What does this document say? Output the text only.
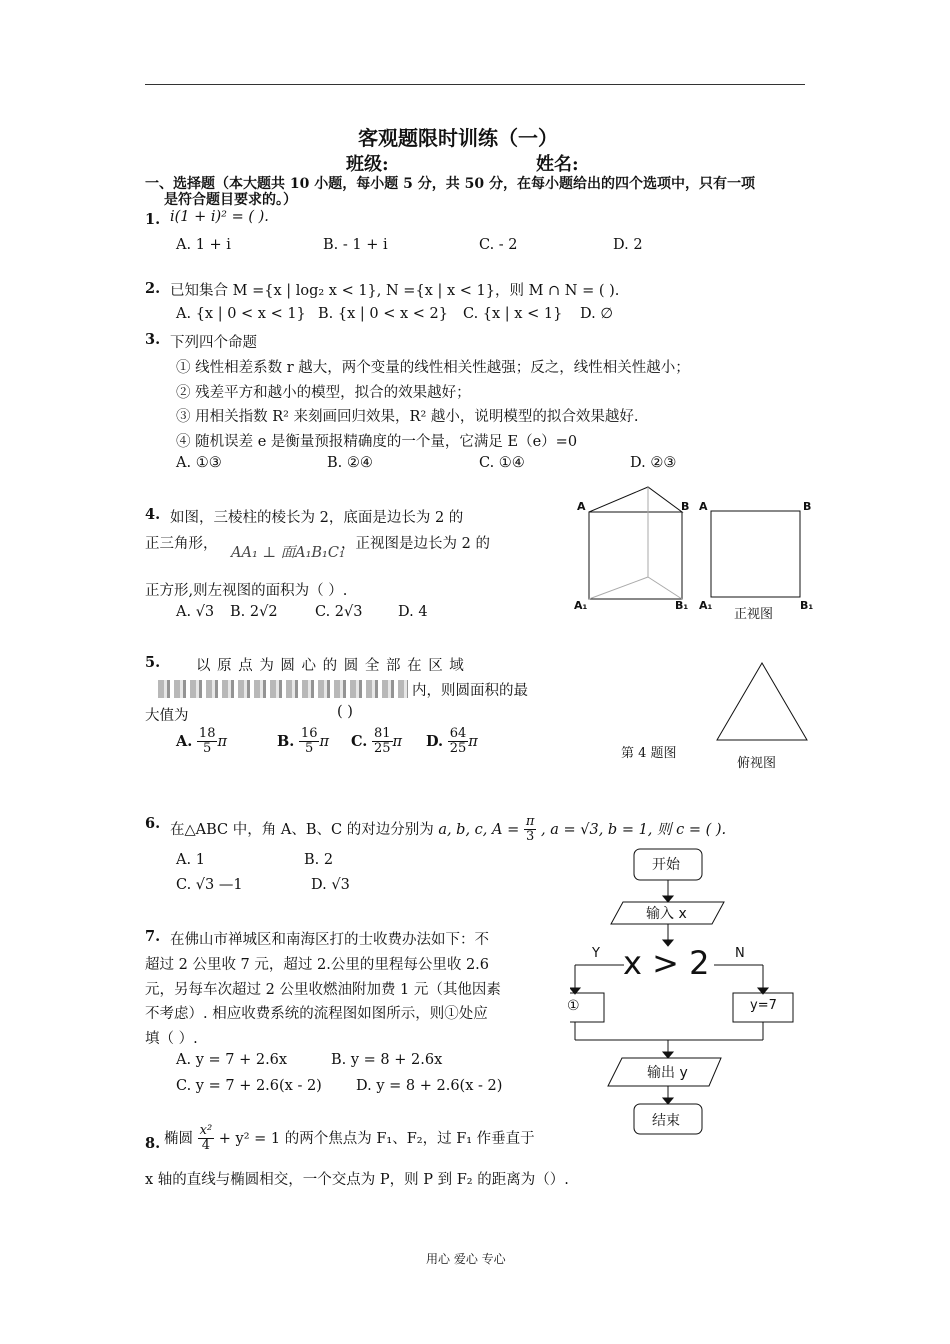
客观题限时训练（一）
班级:	姓名:
一、选择题（本大题共 10 小题，每小题 5 分，共 50 分，在每小题给出的四个选项中，只有一项
是符合题目要求的。）
1. i(1 + i)² = ( ).
A. 1 + i	B. - 1 + i	C. - 2	D. 2
2. 已知集合 M ={x | log₂ x < 1}, N ={x | x < 1}，则 M ∩ N = ( ).
A. {x | 0 < x < 1} B. {x | 0 < x < 2} C. {x | x < 1} D. ∅
3. 下列四个命题
① 线性相差系数 r 越大，两个变量的线性相关性越强；反之，线性相关性越小；
② 残差平方和越小的模型，拟合的效果越好；
③ 用相关指数 R² 来刻画回归效果，R² 越小，说明模型的拟合效果越好.
④ 随机误差 e 是衡量预报精确度的一个量，它满足 E（e）=0
A. ①③	B. ②④	C. ①④	D. ②③
4. 如图，三棱柱的棱长为 2，底面是边长为 2 的
正三角形，
AA₁ ⊥ 面A₁B₁C₁
，正视图是边长为 2 的
正方形,则左视图的面积为（ ）.
A. √3 B. 2√2	C. 2√3 D. 4
A	B A	B
A₁	B₁ A₁	B₁
正视图
第 4 题图
俯视图
5. 以 原 点 为 圆 心 的 圆 全 部 在 区 域
内，则圆面积的最
大值为	( )
A. $\frac{18}{5}$ π	B. $\frac{16}{5}$ π C. $\frac{81}{25}$ π D. $\frac{64}{25}$ π
6. 在△ABC 中，角 A、B、C 的对边分别为 a, b, c, $A = \frac{\pi}{3}$ , a = √3, b = 1, 则 c = ( ).
A. 1	B. 2
C. √3 —1	D. √3
7. 在佛山市禅城区和南海区打的士收费办法如下：不
超过 2 公里收 7 元，超过 2.公里的里程每公里收 2.6
元，另每车次超过 2 公里收燃油附加费 1 元（其他因素
不考虑）. 相应收费系统的流程图如图所示，则①处应
填（ ）.
A. y = 7 + 2.6x	B. y = 8 + 2.6x
C. y = 7 + 2.6(x - 2) D. y = 8 + 2.6(x - 2)
开始
输入 x
x > 2
Y	N
①	y=7
输出 y
结束
8. 椭圆 $\frac{\text{x²}}{4} + y^2 = 1$ 的两个焦点为 F₁、F₂，过 F₁ 作垂直于
x 轴的直线与椭圆相交，一个交点为 P，则 P 到 F₂ 的距离为（）.
用心 爱心 专心
